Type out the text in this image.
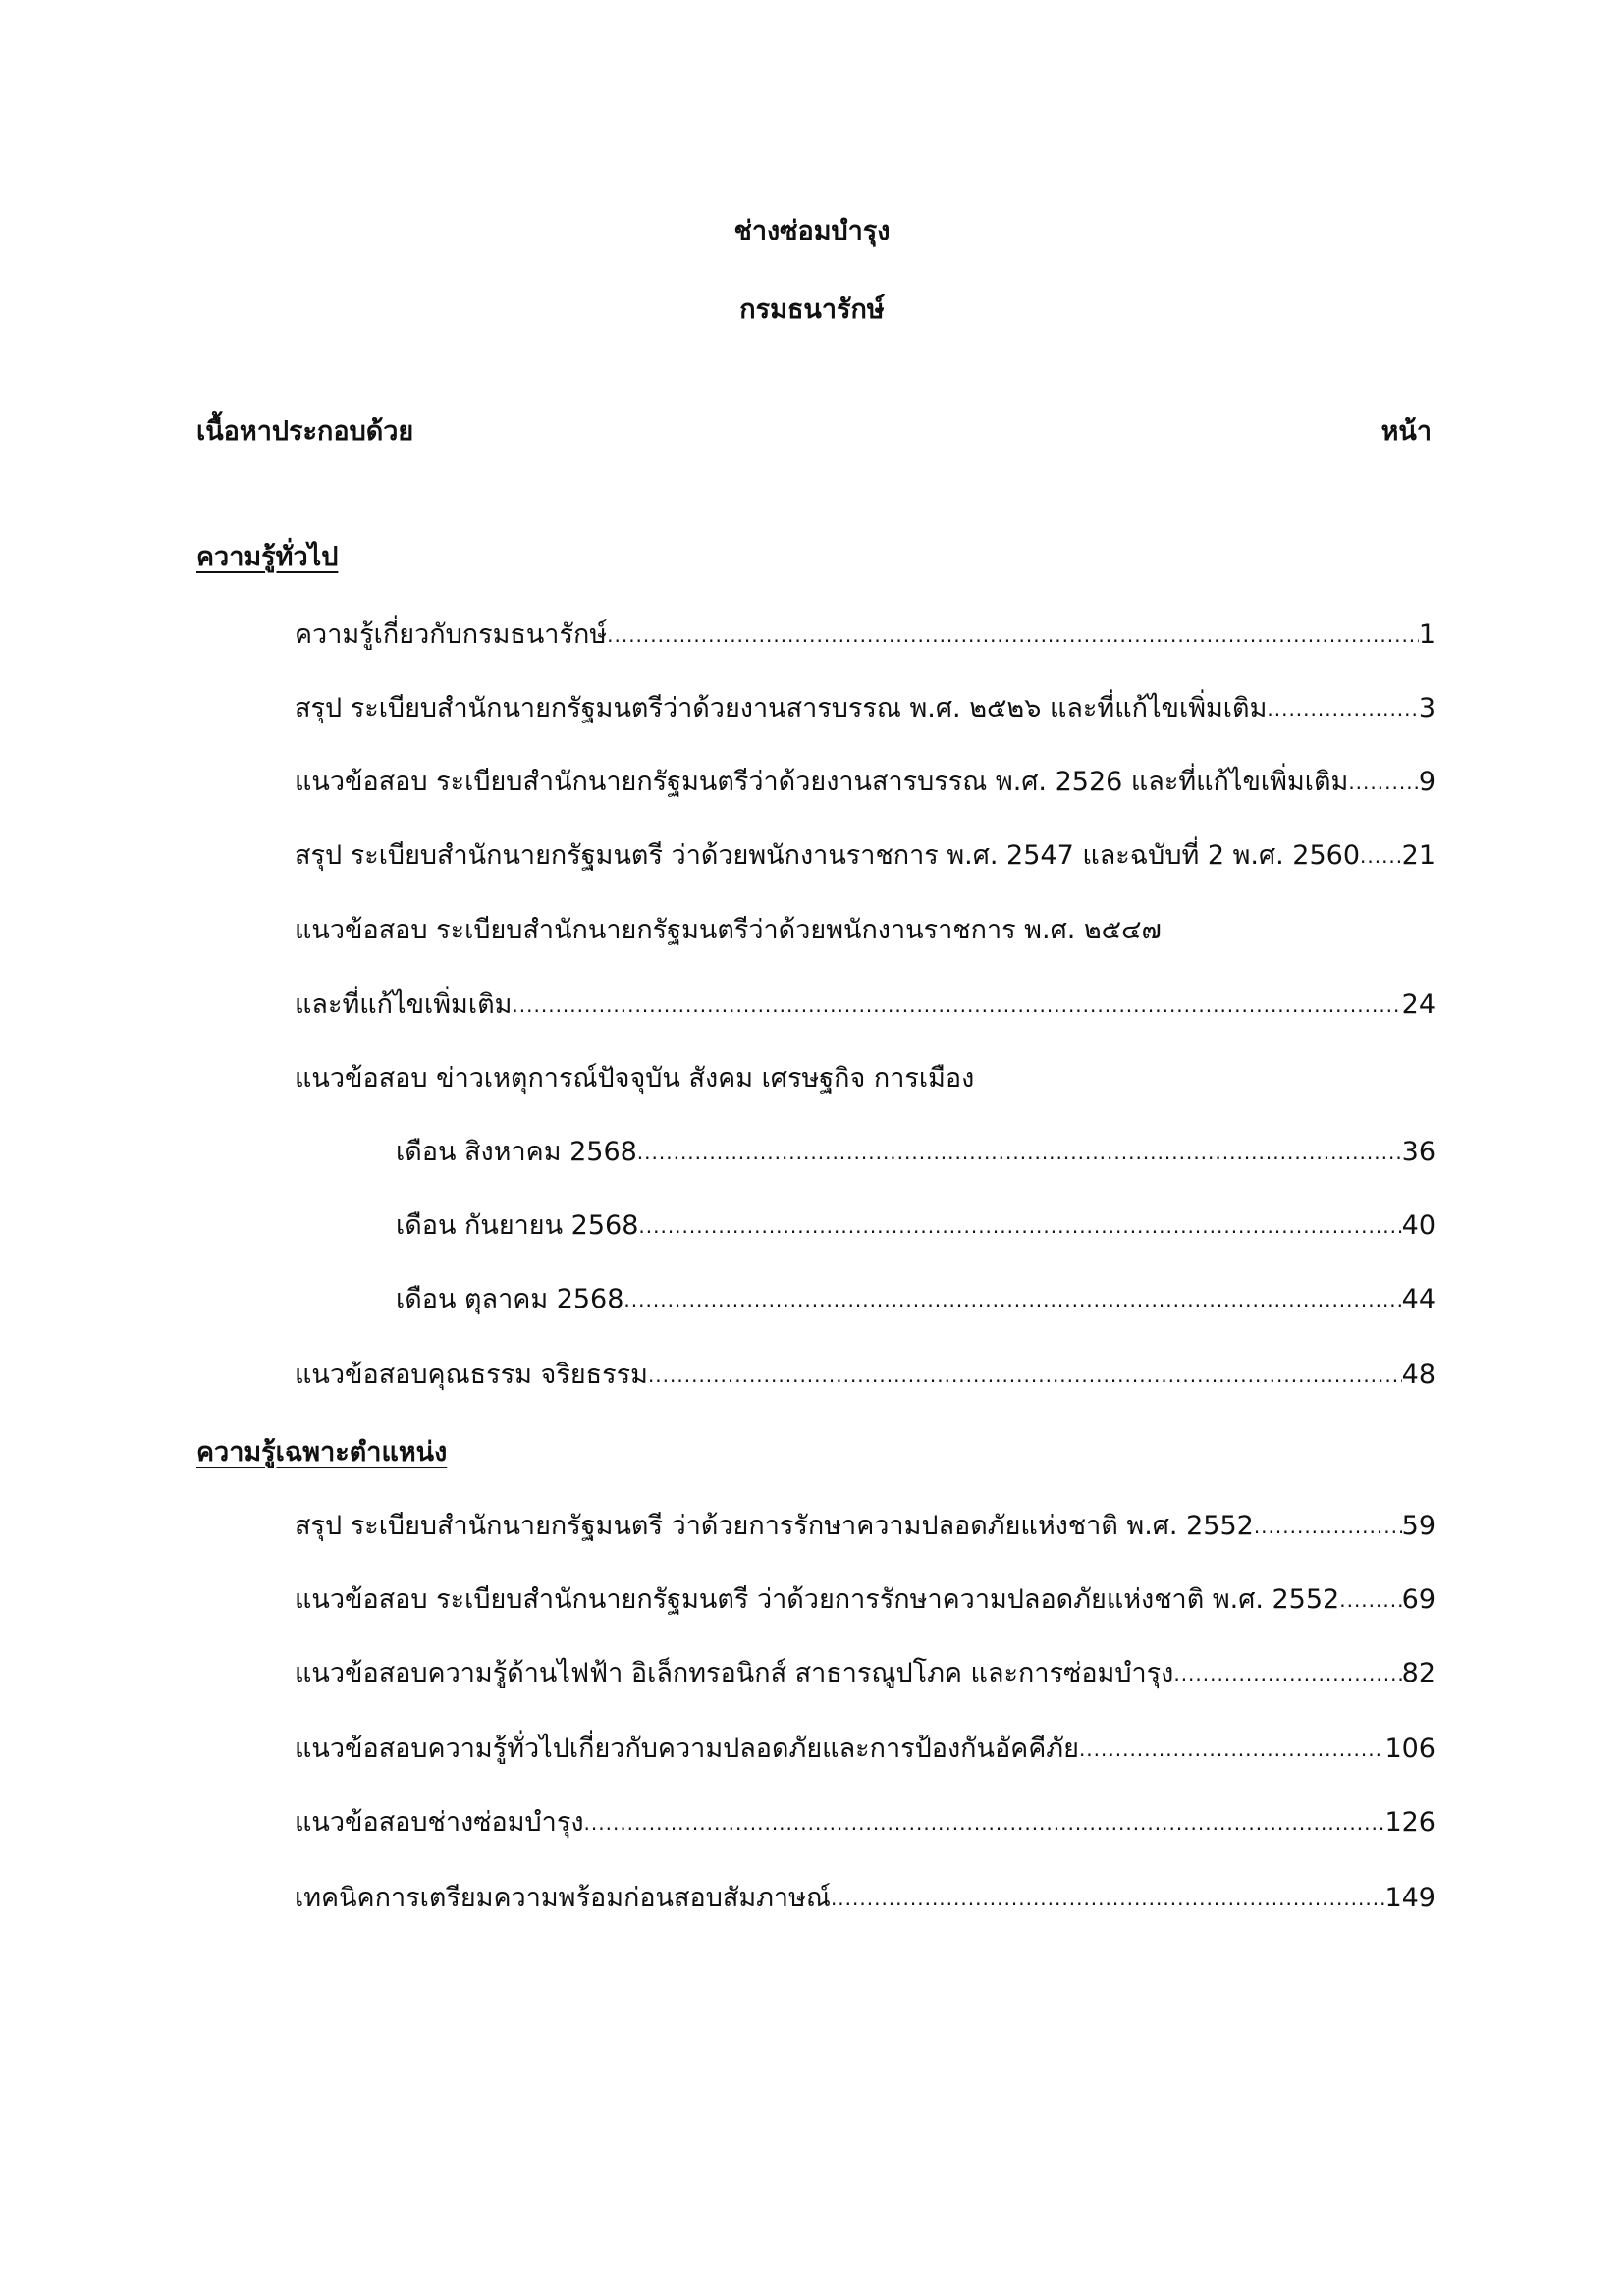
ช่างซ่อมบำรุง
กรมธนารักษ์
เนื้อหาประกอบด้วย	หน้า
ความรู้ทั่วไป
ความรู้เกี่ยวกับกรมธนารักษ์ .....	1
สรุป ระเบียบสำนักนายกรัฐมนตรีว่าด้วยงานสารบรรณ พ.ศ. ๒๕๒๖ และที่แก้ไขเพิ่มเติม .....	3
แนวข้อสอบ ระเบียบสำนักนายกรัฐมนตรีว่าด้วยงานสารบรรณ พ.ศ. 2526 และที่แก้ไขเพิ่มเติม .....	9
สรุป ระเบียบสำนักนายกรัฐมนตรี ว่าด้วยพนักงานราชการ พ.ศ. 2547 และฉบับที่ 2 พ.ศ. 2560 ..... 21
แนวข้อสอบ ระเบียบสำนักนายกรัฐมนตรีว่าด้วยพนักงานราชการ พ.ศ. ๒๕๔๗
และที่แก้ไขเพิ่มเติม .....	24
แนวข้อสอบ ข่าวเหตุการณ์ปัจจุบัน สังคม เศรษฐกิจ การเมือง
เดือน สิงหาคม 2568 .....	36
เดือน กันยายน 2568 .....	40
เดือน ตุลาคม 2568 .....	44
แนวข้อสอบคุณธรรม จริยธรรม .....	48
ความรู้เฉพาะตำแหน่ง
สรุป ระเบียบสำนักนายกรัฐมนตรี ว่าด้วยการรักษาความปลอดภัยแห่งชาติ พ.ศ. 2552 .....	59
แนวข้อสอบ ระเบียบสำนักนายกรัฐมนตรี ว่าด้วยการรักษาความปลอดภัยแห่งชาติ พ.ศ. 2552 ..... 69
แนวข้อสอบความรู้ด้านไฟฟ้า อิเล็กทรอนิกส์ สาธารณูปโภค และการซ่อมบำรุง .....	82
แนวข้อสอบความรู้ทั่วไปเกี่ยวกับความปลอดภัยและการป้องกันอัคคีภัย .....	106
แนวข้อสอบช่างซ่อมบำรุง .....	126
เทคนิคการเตรียมความพร้อมก่อนสอบสัมภาษณ์ .....	149
